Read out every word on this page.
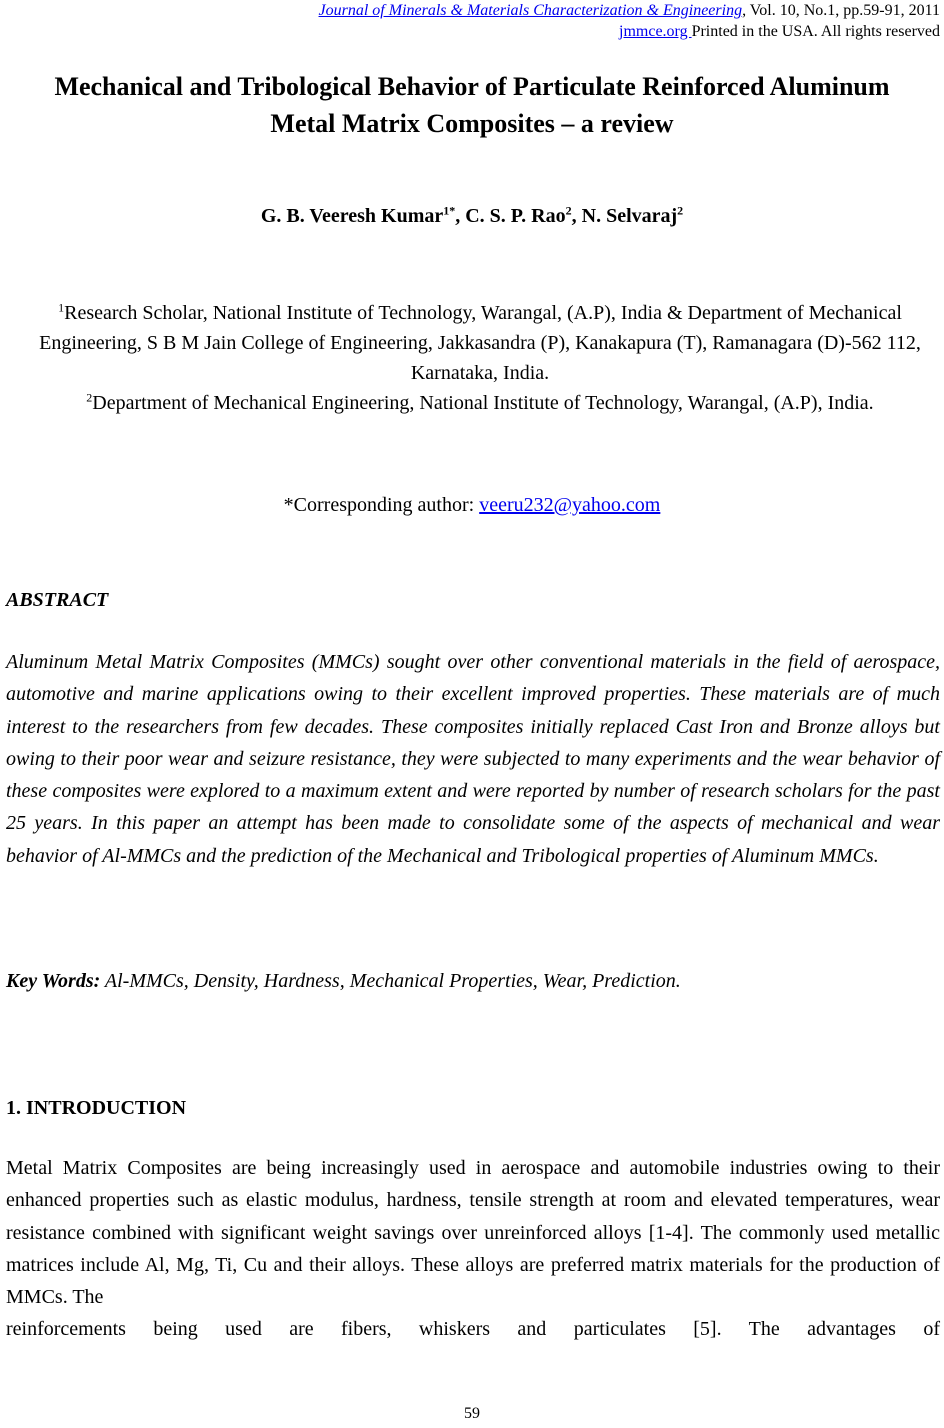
Journal of Minerals & Materials Characterization & Engineering, Vol. 10, No.1, pp.59-91, 2011
jmmce.org Printed in the USA. All rights reserved
Mechanical and Tribological Behavior of Particulate Reinforced Aluminum
Metal Matrix Composites – a review
G. B. Veeresh Kumar$^{1*}$, C. S. P. Rao$^2$, N. Selvaraj$^2$

$^1$Research Scholar, National Institute of Technology, Warangal, (A.P), India & Department of Mechanical Engineering, S B M Jain College of Engineering, Jakkasandra (P), Kanakapura (T), Ramanagara (D)-562 112, Karnataka, India.

$^2$Department of Mechanical Engineering, National Institute of Technology, Warangal, (A.P), India.

*Corresponding author: veeru232@yahoo.com
ABSTRACT

Aluminum Metal Matrix Composites (MMCs) sought over other conventional materials in the field of aerospace, automotive and marine applications owing to their excellent improved properties. These materials are of much interest to the researchers from few decades. These composites initially replaced Cast Iron and Bronze alloys but owing to their poor wear and seizure resistance, they were subjected to many experiments and the wear behavior of these composites were explored to a maximum extent and were reported by number of research scholars for the past 25 years. In this paper an attempt has been made to consolidate some of the aspects of mechanical and wear behavior of Al-MMCs and the prediction of the Mechanical and Tribological properties of Aluminum MMCs.

Key Words: Al-MMCs, Density, Hardness, Mechanical Properties, Wear, Prediction.
1. INTRODUCTION

Metal Matrix Composites are being increasingly used in aerospace and automobile industries owing to their enhanced properties such as elastic modulus, hardness, tensile strength at room and elevated temperatures, wear resistance combined with significant weight savings over unreinforced alloys [1-4]. The commonly used metallic matrices include Al, Mg, Ti, Cu and their alloys. These alloys are preferred matrix materials for the production of MMCs. The
reinforcements being used are fibers, whiskers and particulates [5]. The advantages of

59
